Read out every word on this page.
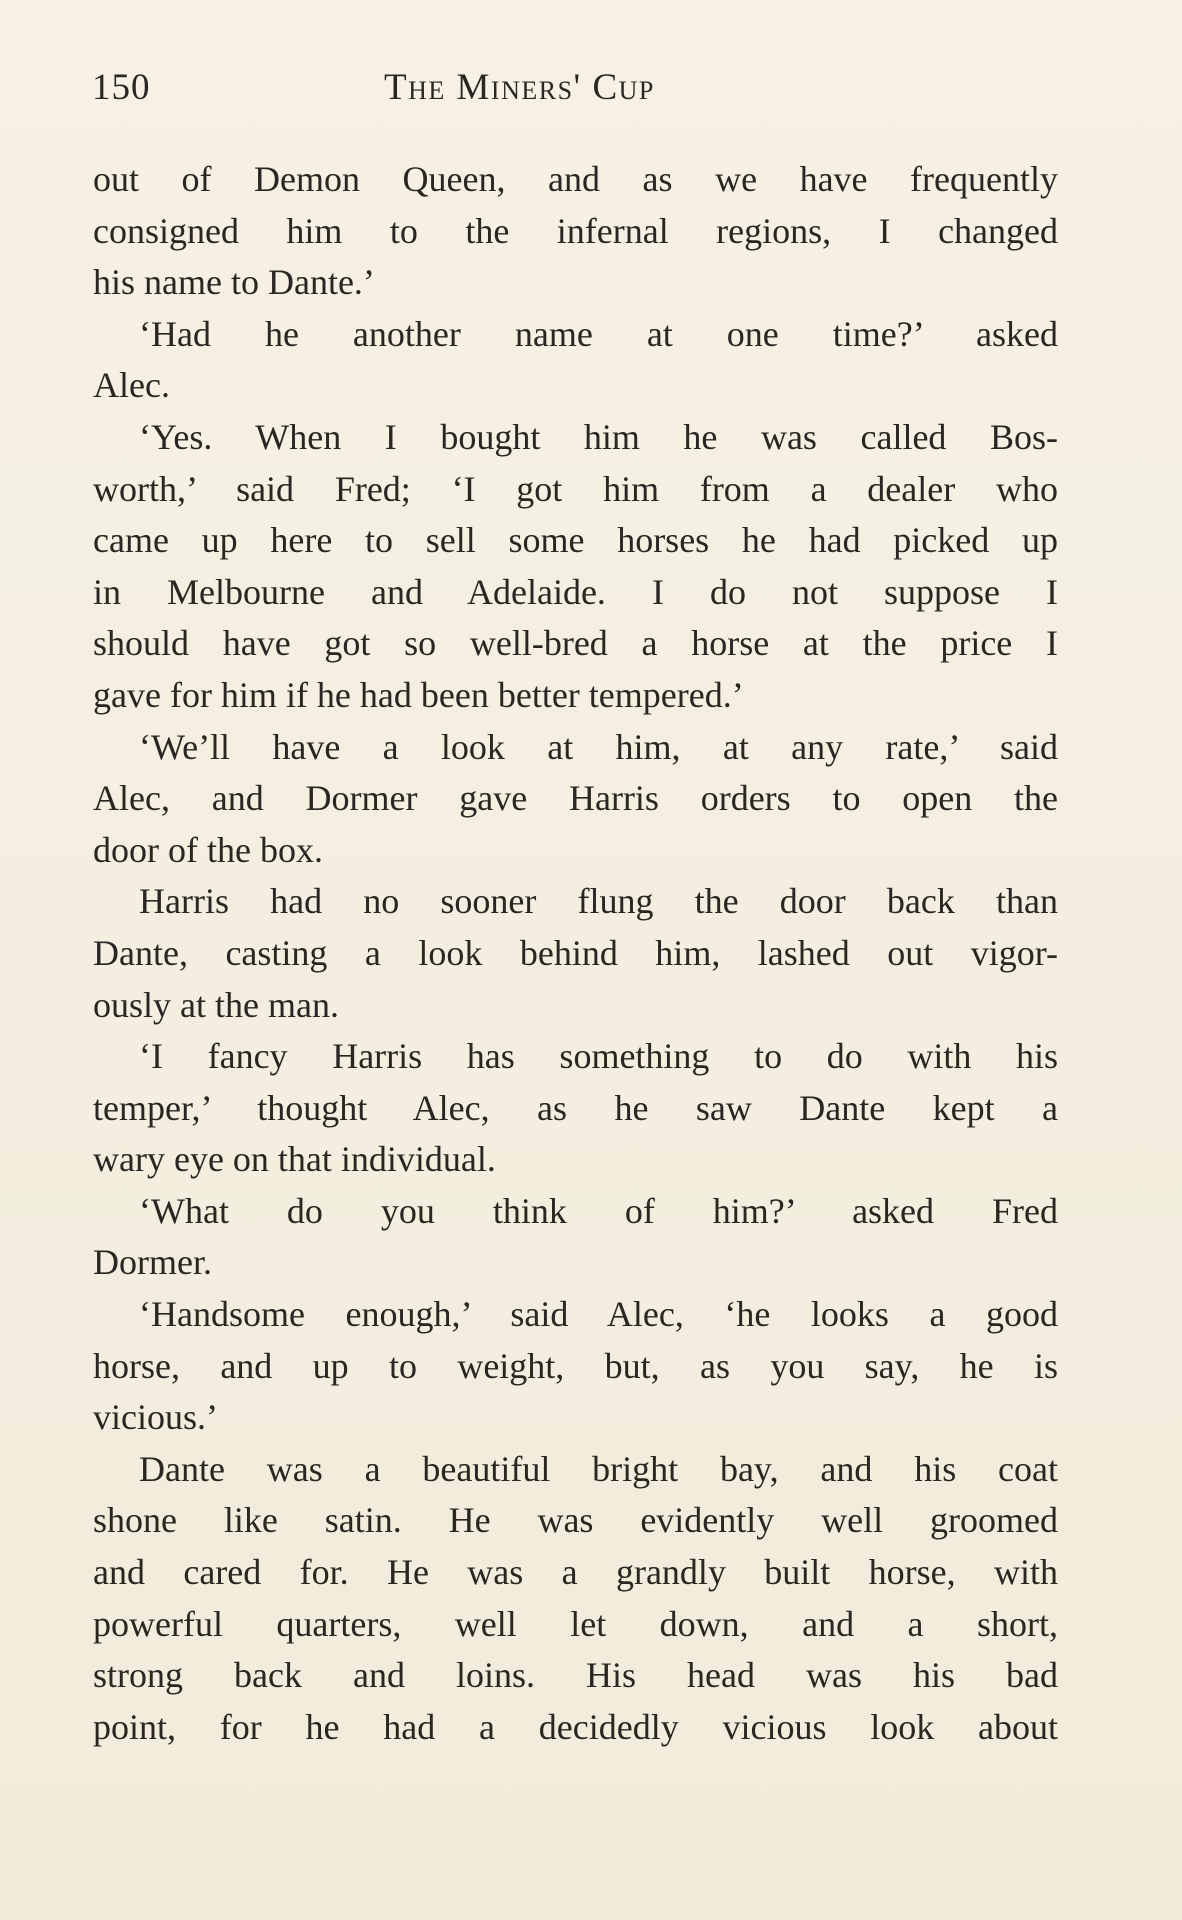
150	The Miners' Cup
out of Demon Queen, and as we have frequently
consigned him to the infernal regions, I changed
his name to Dante.’
‘Had he another name at one time?’ asked
Alec.
‘Yes. When I bought him he was called Bos-
worth,’ said Fred; ‘I got him from a dealer who
came up here to sell some horses he had picked up
in Melbourne and Adelaide. I do not suppose I
should have got so well-bred a horse at the price I
gave for him if he had been better tempered.’
‘We’ll have a look at him, at any rate,’ said
Alec, and Dormer gave Harris orders to open the
door of the box.
Harris had no sooner flung the door back than
Dante, casting a look behind him, lashed out vigor-
ously at the man.
‘I fancy Harris has something to do with his
temper,’ thought Alec, as he saw Dante kept a
wary eye on that individual.
‘What do you think of him?’ asked Fred
Dormer.
‘Handsome enough,’ said Alec, ‘he looks a good
horse, and up to weight, but, as you say, he is
vicious.’
Dante was a beautiful bright bay, and his coat
shone like satin. He was evidently well groomed
and cared for. He was a grandly built horse, with
powerful quarters, well let down, and a short,
strong back and loins. His head was his bad
point, for he had a decidedly vicious look about
